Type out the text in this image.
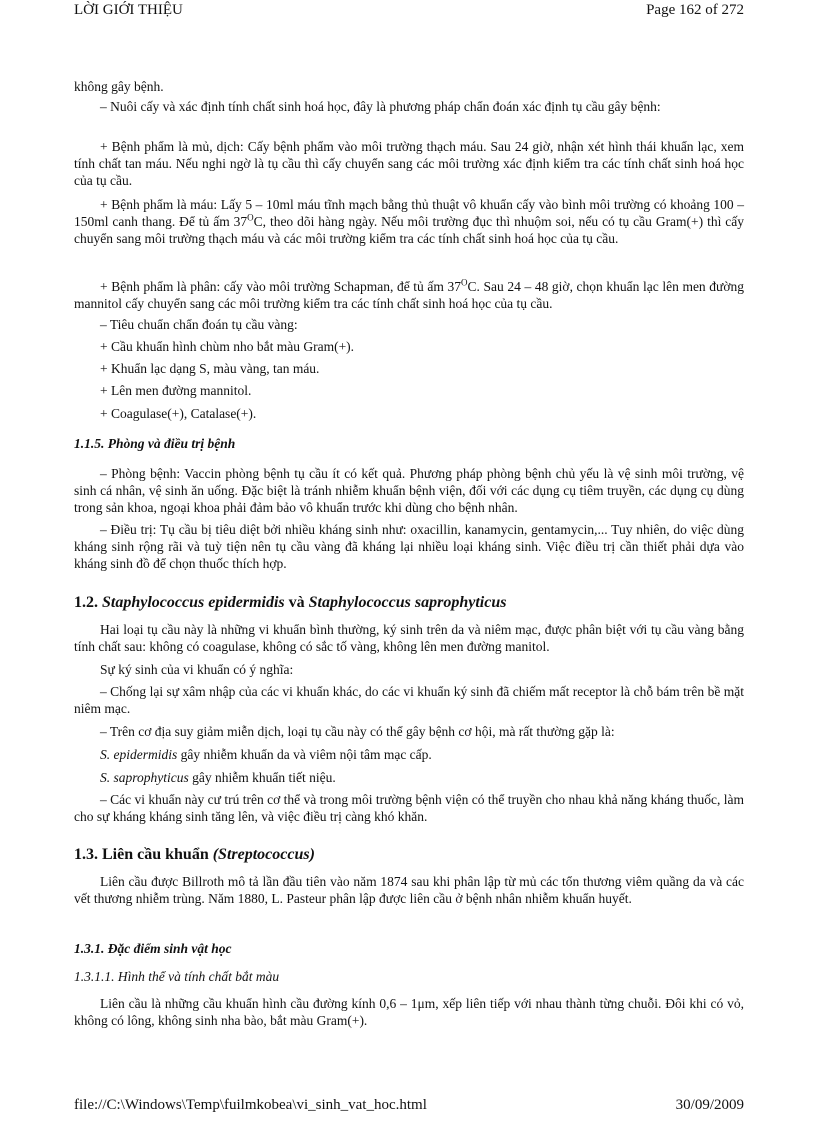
LỜI GIỚI THIỆU	Page 162 of 272
không gây bệnh.
– Nuôi cấy và xác định tính chất sinh hoá học, đây là phương pháp chẩn đoán xác định tụ cầu gây bệnh:
+ Bệnh phẩm là mủ, dịch: Cấy bệnh phẩm vào môi trường thạch máu. Sau 24 giờ, nhận xét hình thái khuẩn lạc, xem tính chất tan máu. Nếu nghi ngờ là tụ cầu thì cấy chuyển sang các môi trường xác định kiểm tra các tính chất sinh hoá học của tụ cầu.
+ Bệnh phẩm là máu: Lấy 5 – 10ml máu tĩnh mạch bằng thủ thuật vô khuẩn cấy vào bình môi trường có khoảng 100 – 150ml canh thang. Để tủ ấm $37^OC$, theo dõi hàng ngày. Nếu môi trường đục thì nhuộm soi, nếu có tụ cầu Gram(+) thì cấy chuyển sang môi trường thạch máu và các môi trường kiểm tra các tính chất sinh hoá học của tụ cầu.
+ Bệnh phẩm là phân: cấy vào môi trường Schapman, để tủ ấm $37^OC$. Sau 24 – 48 giờ, chọn khuẩn lạc lên men đường mannitol cấy chuyển sang các môi trường kiểm tra các tính chất sinh hoá học của tụ cầu.
– Tiêu chuẩn chẩn đoán tụ cầu vàng:
+ Cầu khuẩn hình chùm nho bắt màu Gram(+).
+ Khuẩn lạc dạng S, màu vàng, tan máu.
+ Lên men đường mannitol.
+ Coagulase(+), Catalase(+).
1.1.5. Phòng và điều trị bệnh
– Phòng bệnh: Vaccin phòng bệnh tụ cầu ít có kết quả. Phương pháp phòng bệnh chủ yếu là vệ sinh môi trường, vệ sinh cá nhân, vệ sinh ăn uống. Đặc biệt là tránh nhiễm khuẩn bệnh viện, đối với các dụng cụ tiêm truyền, các dụng cụ dùng trong sản khoa, ngoại khoa phải đảm bảo vô khuẩn trước khi dùng cho bệnh nhân.
– Điều trị: Tụ cầu bị tiêu diệt bởi nhiều kháng sinh như: oxacillin, kanamycin, gentamycin,... Tuy nhiên, do việc dùng kháng sinh rộng rãi và tuỳ tiện nên tụ cầu vàng đã kháng lại nhiều loại kháng sinh. Việc điều trị cần thiết phải dựa vào kháng sinh đồ để chọn thuốc thích hợp.
1.2. Staphylococcus epidermidis và Staphylococcus saprophyticus
Hai loại tụ cầu này là những vi khuẩn bình thường, ký sinh trên da và niêm mạc, được phân biệt với tụ cầu vàng bằng tính chất sau: không có coagulase, không có sắc tố vàng, không lên men đường manitol.
Sự ký sinh của vi khuẩn có ý nghĩa:
– Chống lại sự xâm nhập của các vi khuẩn khác, do các vi khuẩn ký sinh đã chiếm mất receptor là chỗ bám trên bề mặt niêm mạc.
– Trên cơ địa suy giảm miễn dịch, loại tụ cầu này có thể gây bệnh cơ hội, mà rất thường gặp là:
S. epidermidis gây nhiễm khuẩn da và viêm nội tâm mạc cấp.
S. saprophyticus gây nhiễm khuẩn tiết niệu.
– Các vi khuẩn này cư trú trên cơ thể và trong môi trường bệnh viện có thể truyền cho nhau khả năng kháng thuốc, làm cho sự kháng kháng sinh tăng lên, và việc điều trị càng khó khăn.
1.3. Liên cầu khuẩn (Streptococcus)
Liên cầu được Billroth mô tả lần đầu tiên vào năm 1874 sau khi phân lập từ mủ các tổn thương viêm quầng da và các vết thương nhiễm trùng. Năm 1880, L. Pasteur phân lập được liên cầu ở bệnh nhân nhiễm khuẩn huyết.
1.3.1. Đặc điểm sinh vật học
1.3.1.1. Hình thể và tính chất bắt màu
Liên cầu là những cầu khuẩn hình cầu đường kính 0,6 – 1μm, xếp liên tiếp với nhau thành từng chuỗi. Đôi khi có vỏ, không có lông, không sinh nha bào, bắt màu Gram(+).
file://C:\Windows\Temp\fuilmkobea\vi_sinh_vat_hoc.html	30/09/2009
